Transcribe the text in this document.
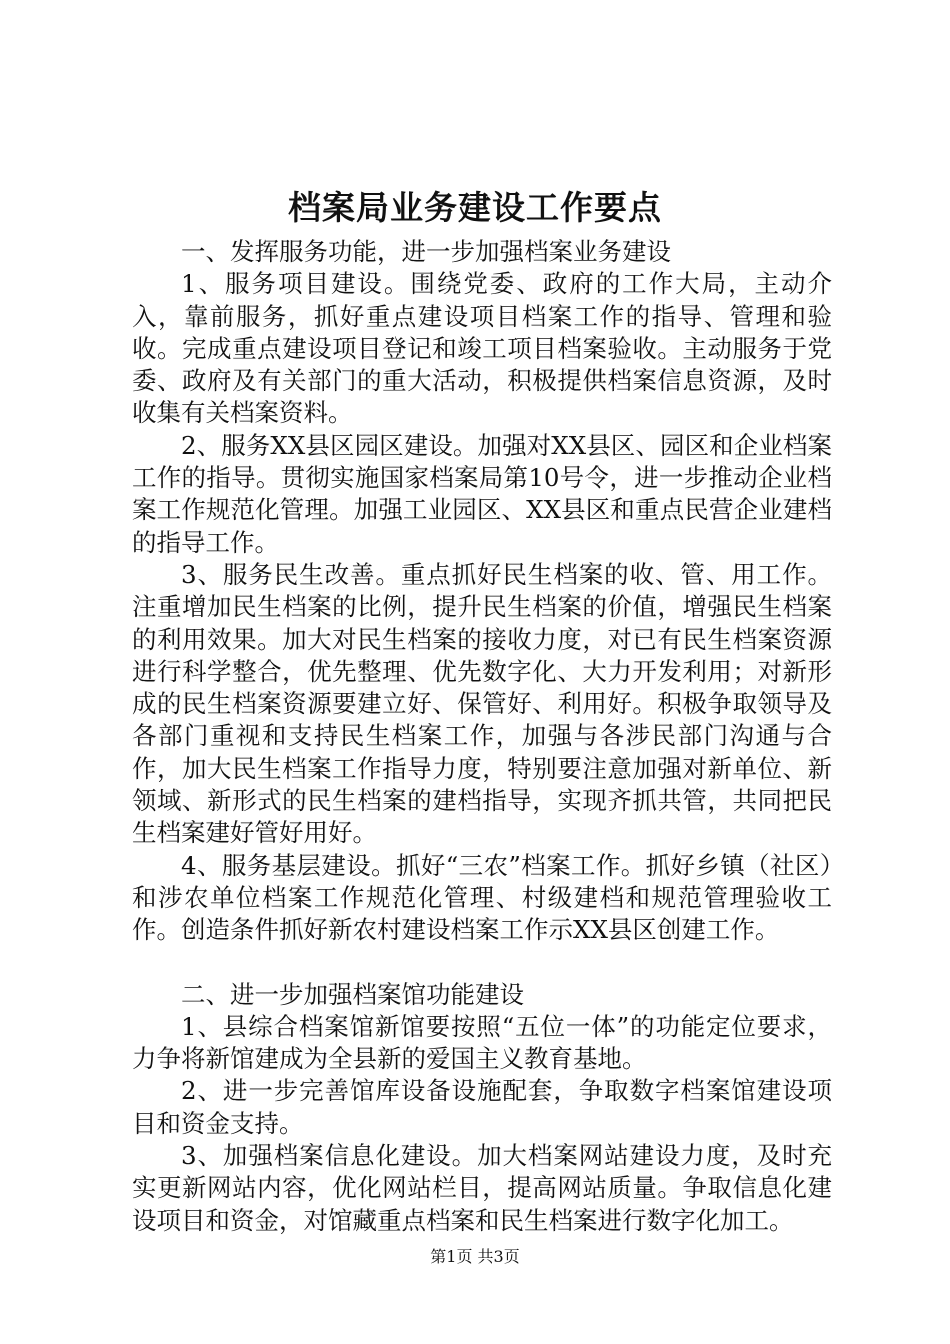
档案局业务建设工作要点

一、发挥服务功能，进一步加强档案业务建设

1、服务项目建设。围绕党委、政府的工作大局，主动介入，靠前服务，抓好重点建设项目档案工作的指导、管理和验收。完成重点建设项目登记和竣工项目档案验收。主动服务于党委、政府及有关部门的重大活动，积极提供档案信息资源，及时收集有关档案资料。

2、服务XX县区园区建设。加强对XX县区、园区和企业档案工作的指导。贯彻实施国家档案局第10号令，进一步推动企业档案工作规范化管理。加强工业园区、XX县区和重点民营企业建档的指导工作。

3、服务民生改善。重点抓好民生档案的收、管、用工作。注重增加民生档案的比例，提升民生档案的价值，增强民生档案的利用效果。加大对民生档案的接收力度，对已有民生档案资源进行科学整合，优先整理、优先数字化、大力开发利用；对新形成的民生档案资源要建立好、保管好、利用好。积极争取领导及各部门重视和支持民生档案工作，加强与各涉民部门沟通与合作，加大民生档案工作指导力度，特别要注意加强对新单位、新领域、新形式的民生档案的建档指导，实现齐抓共管，共同把民生档案建好管好用好。

4、服务基层建设。抓好“三农”档案工作。抓好乡镇（社区）和涉农单位档案工作规范化管理、村级建档和规范管理验收工作。创造条件抓好新农村建设档案工作示XX县区创建工作。

二、进一步加强档案馆功能建设

1、县综合档案馆新馆要按照“五位一体”的功能定位要求，力争将新馆建成为全县新的爱国主义教育基地。

2、进一步完善馆库设备设施配套，争取数字档案馆建设项目和资金支持。

3、加强档案信息化建设。加大档案网站建设力度，及时充实更新网站内容，优化网站栏目，提高网站质量。争取信息化建设项目和资金，对馆藏重点档案和民生档案进行数字化加工。

第1页 共3页
